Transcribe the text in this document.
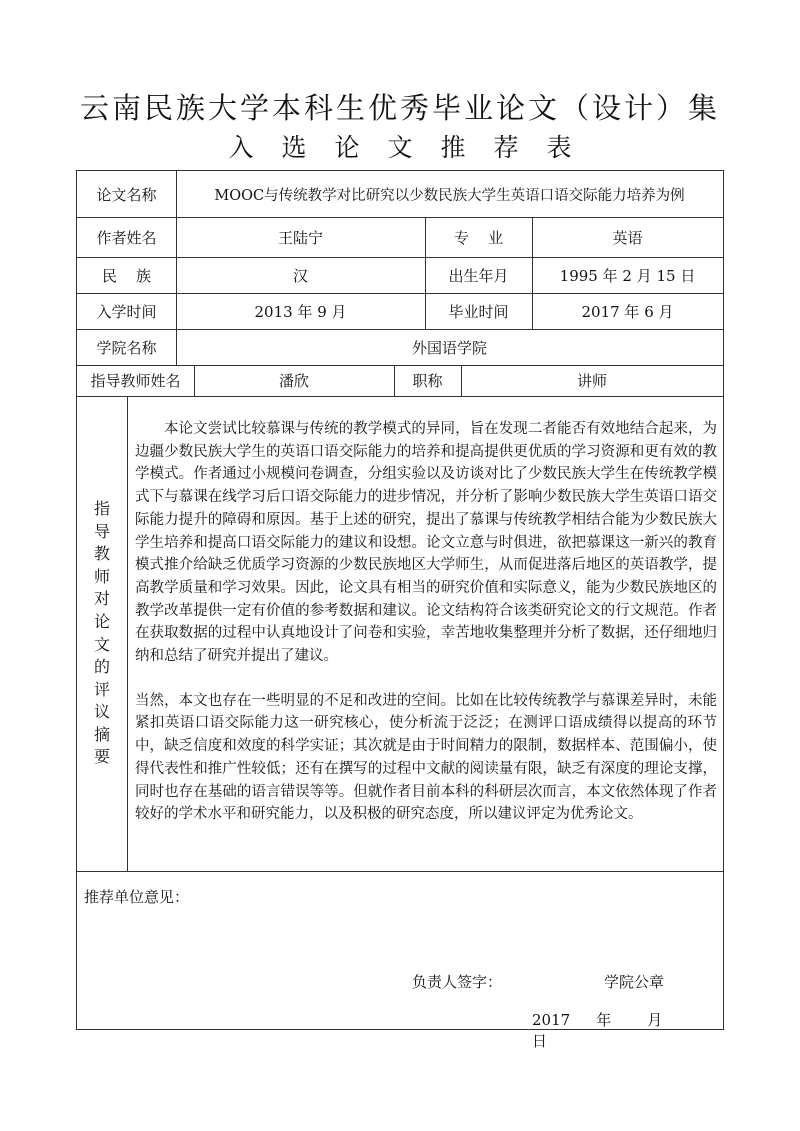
云南民族大学本科生优秀毕业论文（设计）集
入选论文推荐表
论文名称	MOOC与传统教学对比研究以少数民族大学生英语口语交际能力培养为例
作者姓名	王陆宁	专    业	英语
民    族	汉	出生年月	1995 年 2 月 15 日
入学时间	2013 年 9 月	毕业时间	2017 年 6 月
学院名称	外国语学院
指导教师姓名	潘欣	职称	讲师
指
导
教
师
对
论
文
的
评
议
摘
要

本论文尝试比较慕课与传统的教学模式的异同，旨在发现二者能否有效地结合起来，为边疆少数民族大学生的英语口语交际能力的培养和提高提供更优质的学习资源和更有效的教学模式。作者通过小规模问卷调查，分组实验以及访谈对比了少数民族大学生在传统教学模式下与慕课在线学习后口语交际能力的进步情况，并分析了影响少数民族大学生英语口语交际能力提升的障碍和原因。基于上述的研究，提出了慕课与传统教学相结合能为少数民族大学生培养和提高口语交际能力的建议和设想。论文立意与时俱进，欲把慕课这一新兴的教育模式推介给缺乏优质学习资源的少数民族地区大学师生，从而促进落后地区的英语教学，提高教学质量和学习效果。因此，论文具有相当的研究价值和实际意义，能为少数民族地区的教学改革提供一定有价值的参考数据和建议。论文结构符合该类研究论文的行文规范。作者在获取数据的过程中认真地设计了问卷和实验，幸苦地收集整理并分析了数据，还仔细地归纳和总结了研究并提出了建议。

当然，本文也存在一些明显的不足和改进的空间。比如在比较传统教学与慕课差异时，未能紧扣英语口语交际能力这一研究核心，使分析流于泛泛；在测评口语成绩得以提高的环节中，缺乏信度和效度的科学实证；其次就是由于时间精力的限制，数据样本、范围偏小，使得代表性和推广性较低；还有在撰写的过程中文献的阅读量有限，缺乏有深度的理论支撑，同时也存在基础的语言错误等等。但就作者目前本科的科研层次而言，本文依然体现了作者较好的学术水平和研究能力，以及积极的研究态度，所以建议评定为优秀论文。

推荐单位意见：
负责人签字：	学院公章
2017 年 月日
